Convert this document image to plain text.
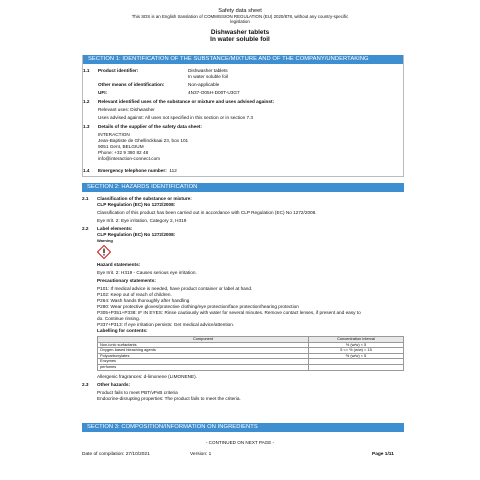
Safety data sheet
This SDS is an English translation of COMMISSION REGULATION (EU) 2020/878, without any country-specific
legislation
Dishwasher tablets
In water soluble foil
SECTION 1: IDENTIFICATION OF THE SUBSTANCE/MIXTURE AND OF THE COMPANY/UNDERTAKING
1.1	Product identifier:	Dishwasher tablets
In water soluble foil
Other means of identification:	Non-applicable
UFI:	4N37-O05H-D00T-U3G7
1.2	Relevant identified uses of the substance or mixture and uses advised against:
Relevant uses: Dishwasher
Uses advised against: All uses not specified in this section or in section 7.3
1.3	Details of the supplier of the safety data sheet:
INTERACTION
Jean-Baptiste de Ghellinckkaai 23, box 101
9051 Gent, BELGIUM
Phone: +32 9 380 82 48
info@interaction-connect.com
1.4	Emergency telephone number: 112
SECTION 2: HAZARDS IDENTIFICATION
2.1	Classification of the substance or mixture:
CLP Regulation (EC) No 1272/2008:
Classification of this product has been carried out in accordance with CLP Regulation (EC) No 1272/2008.
Eye Irrit. 2: Eye irritation, Category 2, H319
2.2	Label elements:
CLP Regulation (EC) No 1272/2008:
Warning
Hazard statements:
Eye Irrit. 2: H319 - Causes serious eye irritation.
Precautionary statements:
P101: If medical advice is needed, have product container or label at hand.
P102: Keep out of reach of children.
P264: Wash hands thoroughly after handling
P280: Wear protective gloves/protective clothing/eye protection/face protection/hearing protection
P305+P351+P338: IF IN EYES: Rinse cautiously with water for several minutes. Remove contact lenses, if present and easy to
do. Continue rinsing.
P337+P313: If eye irritation persists: Get medical advice/attention.
Labelling for contents:
Component	Concentration interval
Non-ionic surfactants	% (w/w) < 5
Oxygen-based bleaching agents	5 <= % (w/w) < 15
Polycarboxylates	% (w/w) < 5
Enzymes	
perfumes	
Allergenic fragrances: d-limonene (LIMONENE).
2.3	Other hazards:
Product fails to meet PBT/vPvB criteria
Endocrine-disrupting properties: The product fails to meet the criteria.
SECTION 3: COMPOSITION/INFORMATION ON INGREDIENTS
- CONTINUED ON NEXT PAGE -
Date of compilation: 27/10/2021	Version: 1	Page 1/11
